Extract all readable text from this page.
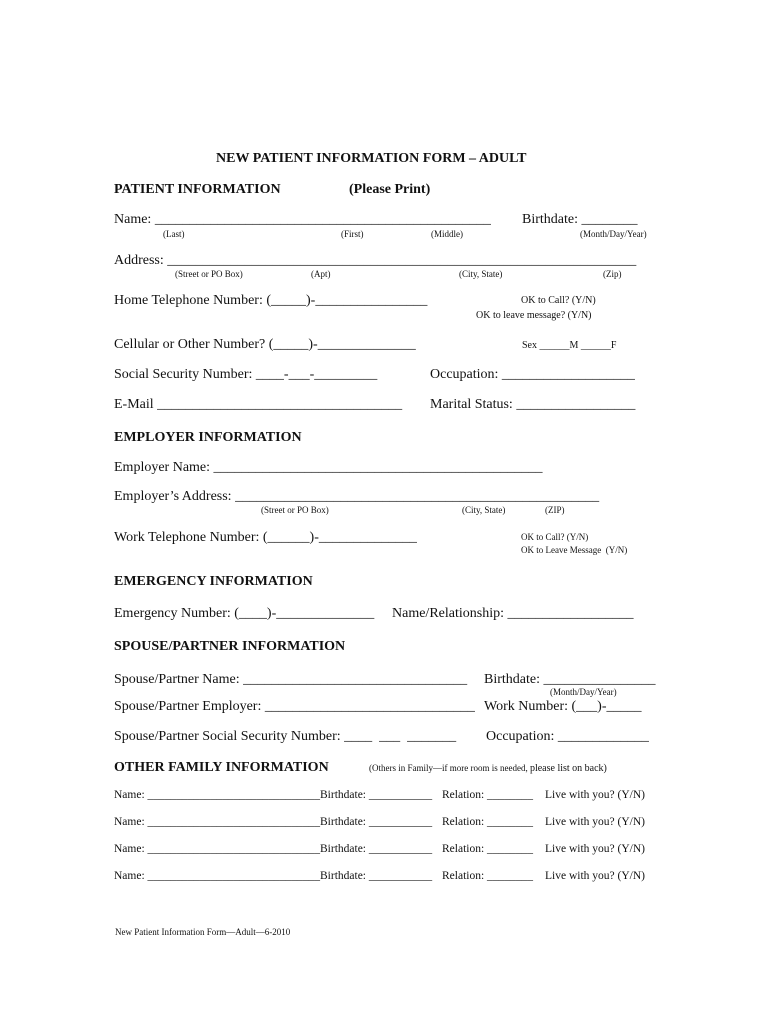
NEW PATIENT INFORMATION FORM – ADULT
PATIENT INFORMATION	(Please Print)
Name: ________________________________________________ Birthdate: ________
(Last)	(First)	(Middle)	(Month/Day/Year)
Address: ___________________________________________________________________
(Street or PO Box)	(Apt)	(City, State)	(Zip)
Home Telephone Number: (_____)-________________	OK to Call? (Y/N)
OK to leave message? (Y/N)
Cellular or Other Number? (_____)-______________	Sex ______M ______F
Social Security Number: ____-___-_________	Occupation: ___________________
E-Mail ___________________________________ Marital Status: _________________
EMPLOYER INFORMATION
Employer Name: _______________________________________________
Employer’s Address: ____________________________________________________
(Street or PO Box)	(City, State)	(ZIP)
Work Telephone Number: (______)-______________	OK to Call? (Y/N)
OK to Leave Message  (Y/N)
EMERGENCY INFORMATION
Emergency Number: (____)-______________ Name/Relationship: __________________
SPOUSE/PARTNER INFORMATION
Spouse/Partner Name: ________________________________ Birthdate: ________________
(Month/Day/Year)
Spouse/Partner Employer: ______________________________ Work Number: (___)-_____
Spouse/Partner Social Security Number: ____  ___  _______ Occupation: _____________
OTHER FAMILY INFORMATION	(Others in Family—if more room is needed, please list on back)
Name: ______________________________ Birthdate: ___________ Relation: ________ Live with you? (Y/N)
Name: ______________________________ Birthdate: ___________ Relation: ________ Live with you? (Y/N)
Name: ______________________________ Birthdate: ___________ Relation: ________ Live with you? (Y/N)
Name: ______________________________ Birthdate: ___________ Relation: ________ Live with you? (Y/N)
New Patient Information Form—Adult—6-2010
